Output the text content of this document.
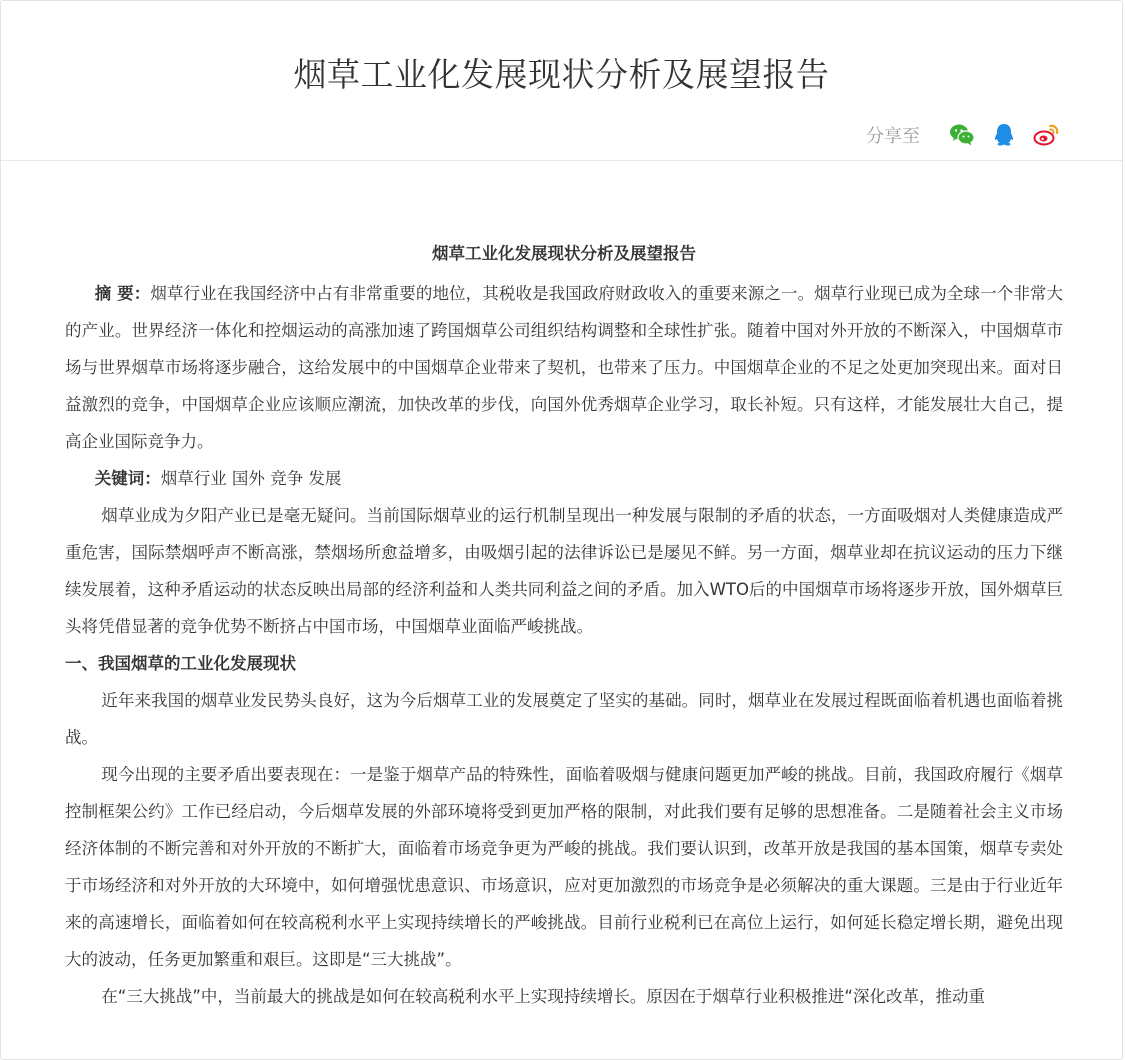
烟草工业化发展现状分析及展望报告
分享至
烟草工业化发展现状分析及展望报告

摘 要：烟草行业在我国经济中占有非常重要的地位，其税收是我国政府财政收入的重要来源之一。烟草行业现已成为全球一个非常大的产业。世界经济一体化和控烟运动的高涨加速了跨国烟草公司组织结构调整和全球性扩张。随着中国对外开放的不断深入，中国烟草市场与世界烟草市场将逐步融合，这给发展中的中国烟草企业带来了契机，也带来了压力。中国烟草企业的不足之处更加突现出来。面对日益激烈的竞争，中国烟草企业应该顺应潮流，加快改革的步伐，向国外优秀烟草企业学习，取长补短。只有这样，才能发展壮大自己，提高企业国际竞争力。

关键词：烟草行业 国外 竞争 发展

烟草业成为夕阳产业已是毫无疑问。当前国际烟草业的运行机制呈现出一种发展与限制的矛盾的状态，一方面吸烟对人类健康造成严重危害，国际禁烟呼声不断高涨，禁烟场所愈益增多，由吸烟引起的法律诉讼已是屡见不鲜。另一方面，烟草业却在抗议运动的压力下继续发展着，这种矛盾运动的状态反映出局部的经济利益和人类共同利益之间的矛盾。加入WTO后的中国烟草市场将逐步开放，国外烟草巨头将凭借显著的竞争优势不断挤占中国市场，中国烟草业面临严峻挑战。

一、我国烟草的工业化发展现状

近年来我国的烟草业发民势头良好，这为今后烟草工业的发展奠定了坚实的基础。同时，烟草业在发展过程既面临着机遇也面临着挑战。

现今出现的主要矛盾出要表现在：一是鉴于烟草产品的特殊性，面临着吸烟与健康问题更加严峻的挑战。目前，我国政府履行《烟草控制框架公约》工作已经启动，今后烟草发展的外部环境将受到更加严格的限制，对此我们要有足够的思想准备。二是随着社会主义市场经济体制的不断完善和对外开放的不断扩大，面临着市场竞争更为严峻的挑战。我们要认识到，改革开放是我国的基本国策，烟草专卖处于市场经济和对外开放的大环境中，如何增强忧患意识、市场意识，应对更加激烈的市场竞争是必须解决的重大课题。三是由于行业近年来的高速增长，面临着如何在较高税利水平上实现持续增长的严峻挑战。目前行业税利已在高位上运行，如何延长稳定增长期，避免出现大的波动，任务更加繁重和艰巨。这即是“三大挑战”。

在“三大挑战”中，当前最大的挑战是如何在较高税利水平上实现持续增长。原因在于烟草行业积极推进“深化改革，推动重
